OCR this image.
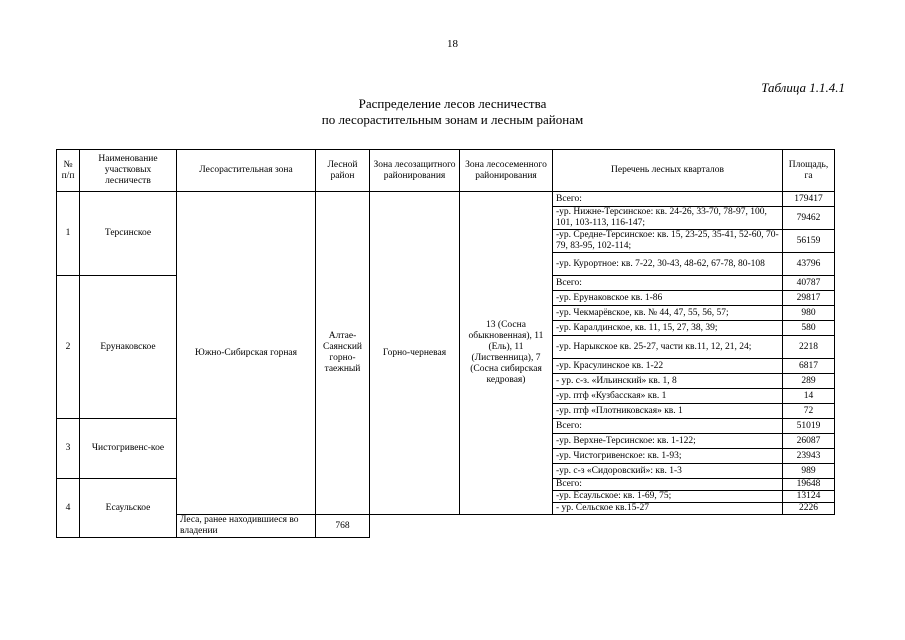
18
Таблица 1.1.4.1
Распределение лесов лесничества
по лесорастительным зонам и лесным районам
№ п/п	Наименование участковых лесничеств	Лесорастительная зона	Лесной район	Зона лесозащитного районирования	Зона лесосеменного районирования	Перечень лесных кварталов	Площадь, га
1	Терсинское	Южно-Сибирская горная	Алтае-Саянский горно-таежный	Горно-черневая	13 (Сосна обыкновенная), 11 (Ель), 11 (Лиственница), 7 (Сосна сибирская кедровая)	Всего:	179417
						-ур. Нижне-Терсинское: кв. 24-26, 33-70, 78-97, 100, 101, 103-113, 116-147;	79462
						-ур. Средне-Терсинское: кв. 15, 23-25, 35-41, 52-60, 70-79, 83-95, 102-114;	56159
						-ур. Курортное: кв. 7-22, 30-43, 48-62, 67-78, 80-108	43796
2	Ерунаковское					Всего:	40787
						-ур. Ерунаковское кв. 1-86	29817
						-ур. Чекмарёвское, кв. № 44, 47, 55, 56, 57;	980
						-ур. Каралдинское, кв. 11, 15, 27, 38, 39;	580
						-ур. Нарыкское кв. 25-27, части кв.11, 12, 21, 24;	2218
						-ур. Красулинское кв. 1-22	6817
						- ур. с-з. «Ильинский» кв. 1, 8	289
						-ур. птф «Кузбасская» кв. 1	14
						-ур. птф «Плотниковская» кв. 1	72
3	Чистогривенс-кое					Всего:	51019
						-ур. Верхне-Терсинское: кв. 1-122;	26087
						-ур. Чистогривенское: кв. 1-93;	23943
						-ур. с-з «Сидоровский»: кв. 1-3	989
4	Есаульское					Всего:	19648
						-ур. Есаульское: кв. 1-69, 75;	13124
						- ур. Сельское кв.15-27	2226
		Леса, ранее находившиеся во владении	768				
